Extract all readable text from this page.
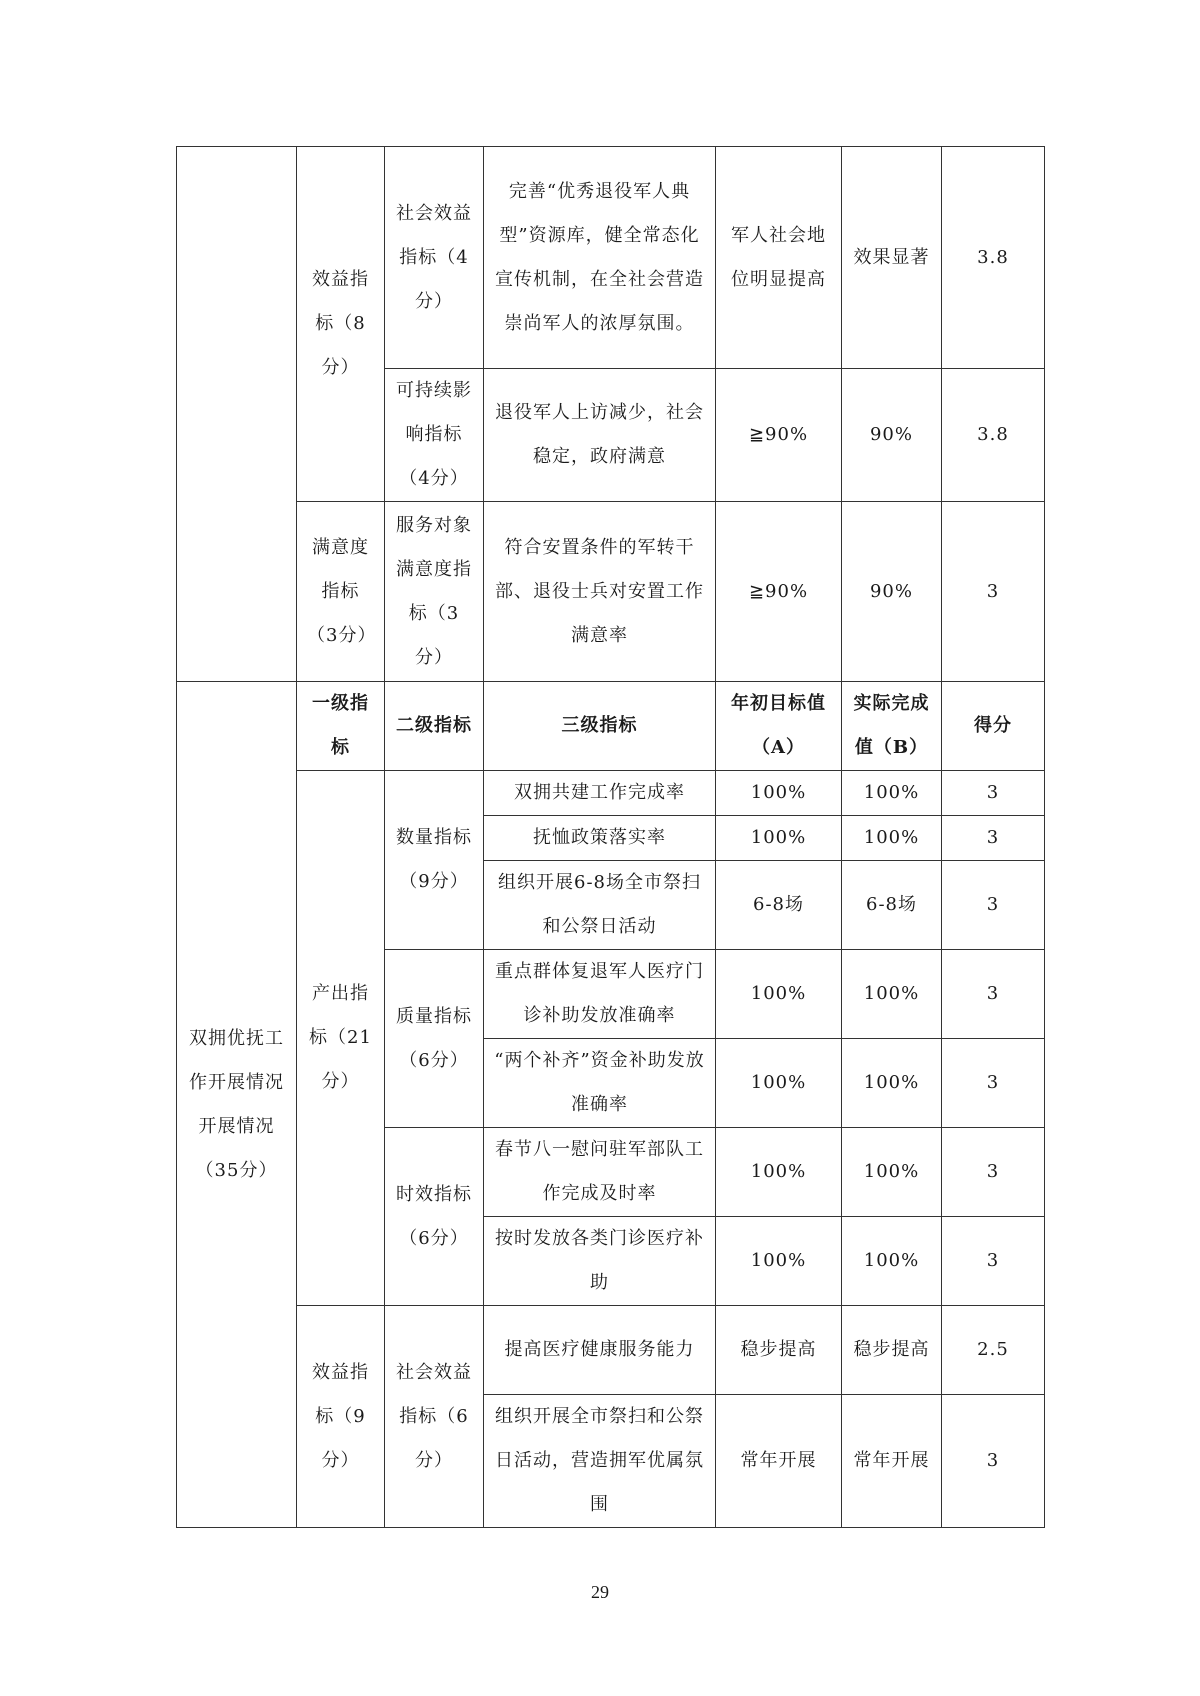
	效益指标（8分）	社会效益指标（4分）	完善“优秀退役军人典型”资源库，健全常态化宣传机制，在全社会营造崇尚军人的浓厚氛围。	军人社会地位明显提高	效果显著	3.8
		可持续影响指标（4分）	退役军人上访减少，社会稳定，政府满意	≧90%	90%	3.8
	满意度指标（3分）	服务对象满意度指标（3分）	符合安置条件的军转干部、退役士兵对安置工作满意率	≧90%	90%	3
双拥优抚工作开展情况开展情况（35分）	一级指标	二级指标	三级指标	年初目标值（A）	实际完成值（B）	得分
	产出指标（21分）	数量指标（9分）	双拥共建工作完成率	100%	100%	3
			抚恤政策落实率	100%	100%	3
			组织开展6-8场全市祭扫和公祭日活动	6-8场	6-8场	3
		质量指标（6分）	重点群体复退军人医疗门诊补助发放准确率	100%	100%	3
			“两个补齐”资金补助发放准确率	100%	100%	3
		时效指标（6分）	春节八一慰问驻军部队工作完成及时率	100%	100%	3
			按时发放各类门诊医疗补助	100%	100%	3
	效益指标（9分）	社会效益指标（6分）	提高医疗健康服务能力	稳步提高	稳步提高	2.5
			组织开展全市祭扫和公祭日活动，营造拥军优属氛围	常年开展	常年开展	3
29
